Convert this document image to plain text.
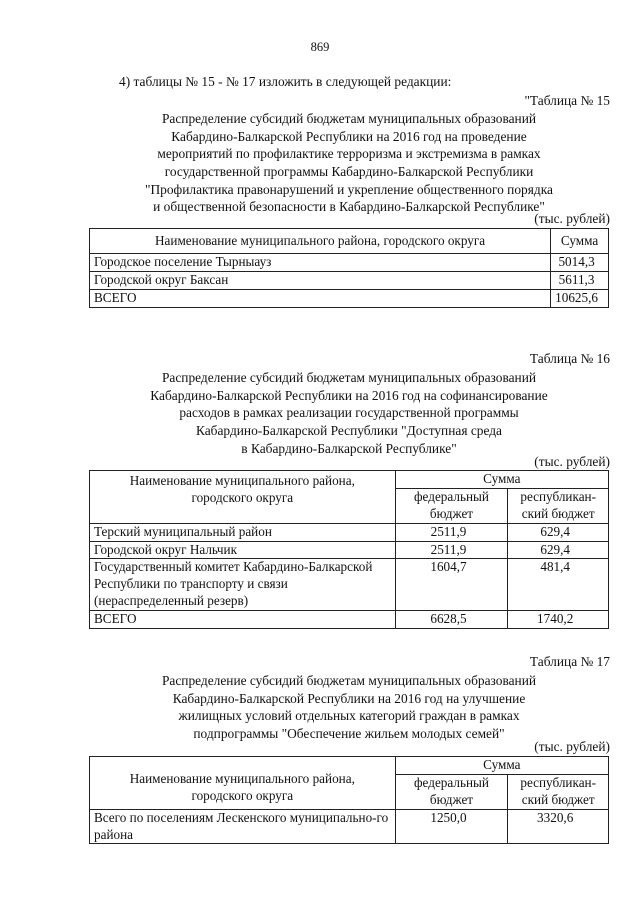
869
4) таблицы № 15 - № 17 изложить в следующей редакции:
"Таблица № 15
Распределение субсидий бюджетам муниципальных образований
Кабардино-Балкарской Республики на 2016 год на проведение
мероприятий по профилактике терроризма и экстремизма в рамках
государственной программы Кабардино-Балкарской Республики
"Профилактика правонарушений и укрепление общественного порядка
и общественной безопасности в Кабардино-Балкарской Республике"
(тыс. рублей)
Наименование муниципального района, городского округа	Сумма
Городское поселение Тырныауз	5014,3
Городской округ Баксан	5611,3
ВСЕГО	10625,6
Таблица № 16
Распределение субсидий бюджетам муниципальных образований
Кабардино-Балкарской Республики на 2016 год на софинансирование
расходов в рамках реализации государственной программы
Кабардино-Балкарской Республики "Доступная среда
в Кабардино-Балкарской Республике"
(тыс. рублей)
Наименование муниципального района, городского округа	Сумма	
	федеральный бюджет	республикан-ский бюджет
Терский муниципальный район	2511,9	629,4
Городской округ Нальчик	2511,9	629,4
Государственный комитет Кабардино-Балкарской Республики по транспорту и связи (нераспределенный резерв)	1604,7	481,4
ВСЕГО	6628,5	1740,2
Таблица № 17
Распределение субсидий бюджетам муниципальных образований
Кабардино-Балкарской Республики на 2016 год на улучшение
жилищных условий отдельных категорий граждан в рамках
подпрограммы "Обеспечение жильем молодых семей"
(тыс. рублей)
Наименование муниципального района, городского округа	Сумма	
	федеральный бюджет	республикан-ский бюджет
Всего по поселениям Лескенского муниципально-го района	1250,0	3320,6
